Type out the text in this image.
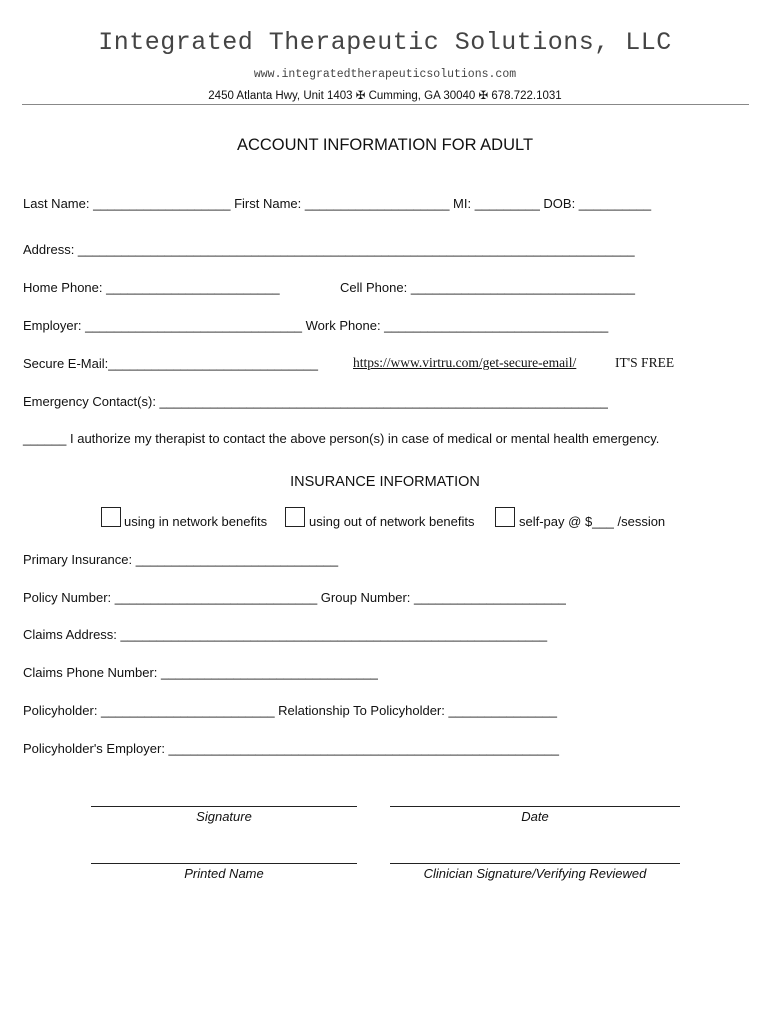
Integrated Therapeutic Solutions, LLC
www.integratedtherapeuticsolutions.com
2450 Atlanta Hwy, Unit 1403 ✠ Cumming, GA 30040 ✠ 678.722.1031
ACCOUNT INFORMATION FOR ADULT
Last Name: ___________________ First Name: ____________________ MI: _________ DOB: __________
Address: _____________________________________________________________________________
Home Phone: ________________________	Cell Phone: _______________________________
Employer: ______________________________ Work Phone: _______________________________
Secure E-Mail:_____________________________	https://www.virtru.com/get-secure-email/	IT'S FREE
Emergency Contact(s): ______________________________________________________________
______ I authorize my therapist to contact the above person(s) in case of medical or mental health emergency.
INSURANCE INFORMATION
using in network benefits	using out of network benefits	self-pay @ $___ /session
Primary Insurance: ____________________________
Policy Number: ____________________________ Group Number: _____________________
Claims Address: ___________________________________________________________
Claims Phone Number: ______________________________
Policyholder: ________________________ Relationship To Policyholder: _______________
Policyholder's Employer: ______________________________________________________
Signature	Date
Printed Name	Clinician Signature/Verifying Reviewed
